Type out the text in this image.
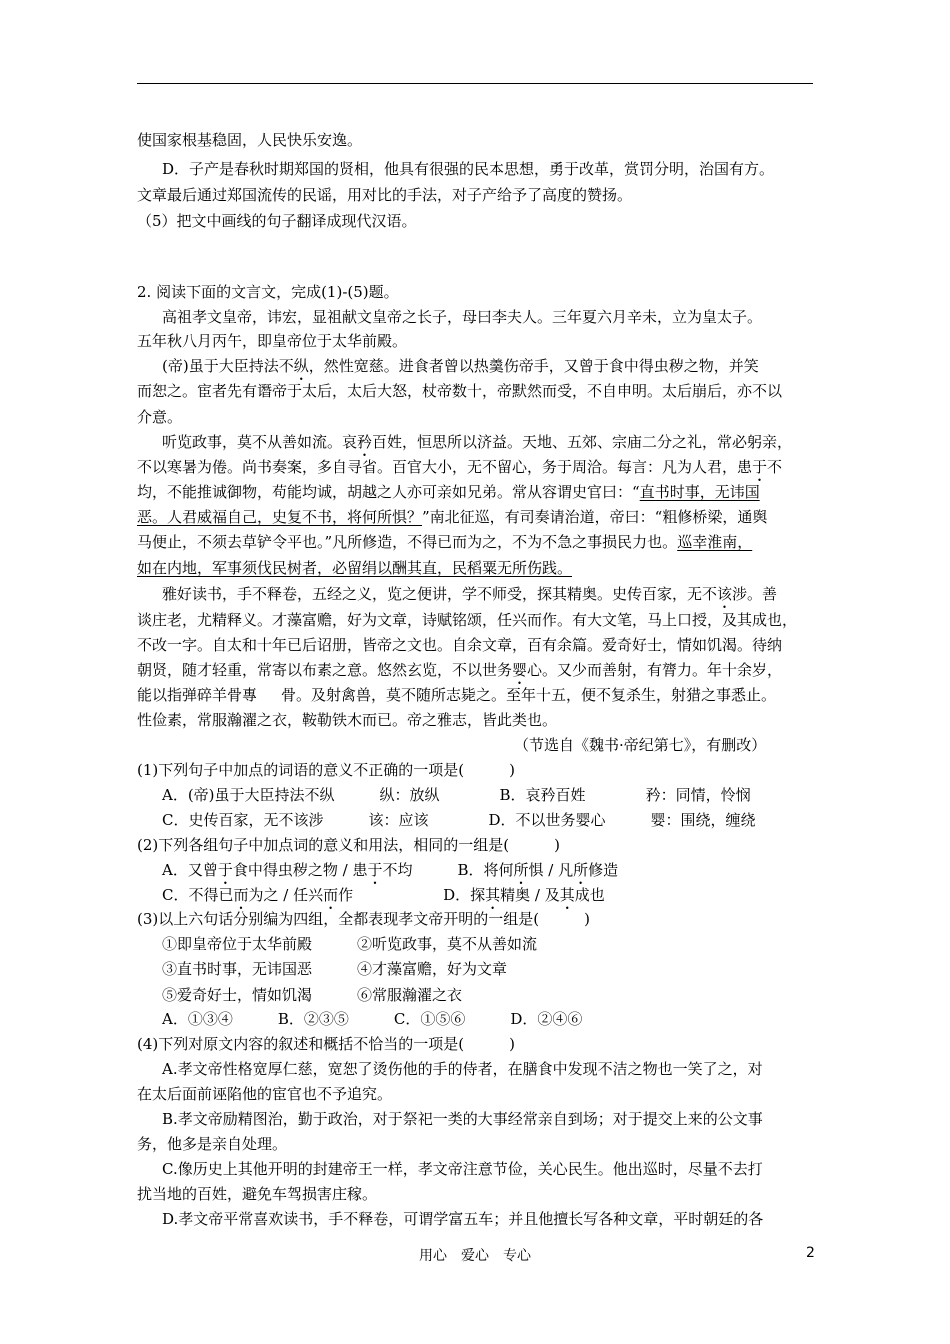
使国家根基稳固，人民快乐安逸。
D．子产是春秋时期郑国的贤相，他具有很强的民本思想，勇于改革，赏罚分明，治国有方。
文章最后通过郑国流传的民谣，用对比的手法，对子产给予了高度的赞扬。
（5）把文中画线的句子翻译成现代汉语。
2. 阅读下面的文言文，完成(1)-(5)题。
高祖孝文皇帝，讳宏，显祖献文皇帝之长子，母曰李夫人。三年夏六月辛未，立为皇太子。
五年秋八月丙午，即皇帝位于太华前殿。
(帝)虽于大臣持法不纵，然性宽慈。进食者曾以热羹伤帝手，又曾于食中得虫秽之物，并笑
而恕之。宦者先有谮帝于太后，太后大怒，杖帝数十，帝默然而受，不自申明。太后崩后，亦不以
介意。
听览政事，莫不从善如流。哀矜百姓，恒思所以济益。天地、五郊、宗庙二分之礼，常必躬亲，
不以寒暑为倦。尚书奏案，多自寻省。百官大小，无不留心，务于周洽。每言：凡为人君，患于不
均，不能推诚御物，苟能均诚，胡越之人亦可亲如兄弟。常从容谓史官曰：“直书时事，无讳国
恶。人君威福自己，史复不书，将何所惧？”南北征巡，有司奏请治道，帝曰：“粗修桥梁，通舆
马便止，不须去草铲令平也。”凡所修造，不得已而为之，不为不急之事损民力也。巡幸淮南，
如在内地，军事须伐民树者，必留绢以酬其直，民稻粟无所伤践。
雅好读书，手不释卷，五经之义，览之便讲，学不师受，探其精奥。史传百家，无不该涉。善
谈庄老，尤精释义。才藻富赡，好为文章，诗赋铭颂，任兴而作。有大文笔，马上口授，及其成也，
不改一字。自太和十年已后诏册，皆帝之文也。自余文章，百有余篇。爱奇好士，情如饥渴。待纳
朝贤，随才轻重，常寄以布素之意。悠然玄览，不以世务婴心。又少而善射，有膂力。年十余岁，
能以指弹碎羊骨專 骨。及射禽兽，莫不随所志毙之。至年十五，便不复杀生，射猎之事悉止。
性俭素，常服瀚濯之衣，鞍勒铁木而已。帝之雅志，皆此类也。
（节选自《魏书·帝纪第七》，有删改）
(1)下列句子中加点的词语的意义不正确的一项是(　　　)
A．(帝)虽于大臣持法不纵　　　纵：放纵　　　　B．哀矜百姓　　　　矜：同情，怜悯
C．史传百家，无不该涉　　　该：应该　　　　D．不以世务婴心　　　婴：围绕，缠绕
(2)下列各组句子中加点词的意义和用法，相同的一组是(　　　)
A．又曾于食中得虫秽之物 / 患于不均　　　B．将何所惧 / 凡所修造
C．不得已而为之 / 任兴而作　　　　　　D．探其精奥 / 及其成也
(3)以上六句话分别编为四组，全都表现孝文帝开明的一组是(　　　)
①即皇帝位于太华前殿　　　②听览政事，莫不从善如流
③直书时事，无讳国恶　　　④才藻富赡，好为文章
⑤爱奇好士，情如饥渴　　　⑥常服瀚濯之衣
A．①③④　　　B．②③⑤　　　C．①⑤⑥　　　D．②④⑥
(4)下列对原文内容的叙述和概括不恰当的一项是(　　　)
A.孝文帝性格宽厚仁慈，宽恕了烫伤他的手的侍者，在膳食中发现不洁之物也一笑了之，对
在太后面前诬陷他的宦官也不予追究。
B.孝文帝励精图治，勤于政治，对于祭祀一类的大事经常亲自到场；对于提交上来的公文事
务，他多是亲自处理。
C.像历史上其他开明的封建帝王一样，孝文帝注意节俭，关心民生。他出巡时，尽量不去打
扰当地的百姓，避免车驾损害庄稼。
D.孝文帝平常喜欢读书，手不释卷，可谓学富五车；并且他擅长写各种文章，平时朝廷的各
用心　爱心　专心	2
